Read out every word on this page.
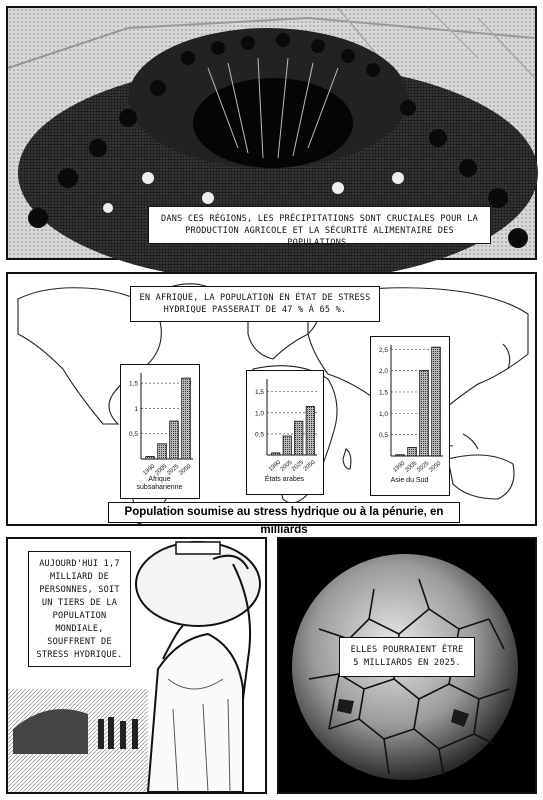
DANS CES RÉGIONS, LES PRÉCIPITATIONS SONT CRUCIALES POUR LA PRODUCTION AGRICOLE ET LA SÉCURITÉ ALIMENTAIRE DES POPULATIONS.
EN AFRIQUE, LA POPULATION EN ÉTAT DE STRESS HYDRIQUE PASSERAIT DE 47 % À 65 %.
0,5
1
1,5
1990
2005
2025
2050
Afrique
subsaharienne
0,5
1,0
1,5
1990
2005
2025
2050
États arabes
0,5
1,0
1,5
2,0
2,5
1990
2005
2025
2050
Asie du Sud
Population soumise au stress hydrique ou à la pénurie, en milliards
AUJOURD'HUI 1,7 MILLIARD DE PERSONNES, SOIT UN TIERS DE LA POPULATION MONDIALE, SOUFFRENT DE STRESS HYDRIQUE.	ELLES POURRAIENT ÊTRE 5 MILLIARDS EN 2025.
